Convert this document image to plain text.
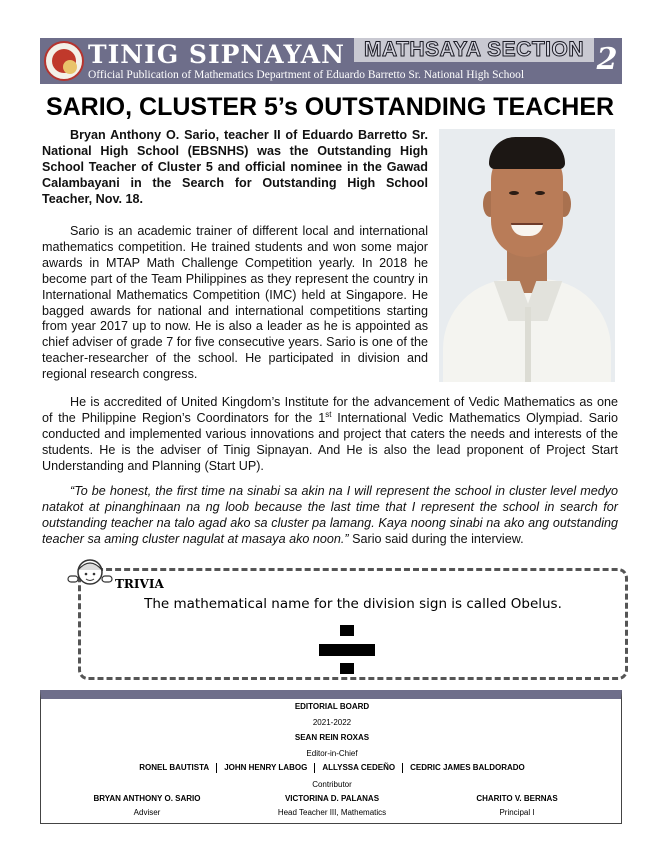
TINIG SIPNAYAN
Official Publication of Mathematics Department of Eduardo Barretto Sr. National High School
MATHSAYA SECTION 2
SARIO, CLUSTER 5’s OUTSTANDING TEACHER

Bryan Anthony O. Sario, teacher II of Eduardo Barretto Sr. National High School (EBSNHS) was the Outstanding High School Teacher of Cluster 5 and official nominee in the Gawad Calambayani in the Search for Outstanding High School Teacher, Nov. 18.

Sario is an academic trainer of different local and international mathematics competition. He trained students and won some major awards in MTAP Math Challenge Competition yearly. In 2018 he become part of the Team Philippines as they represent the country in International Mathematics Competition (IMC) held at Singapore. He bagged awards for national and international competitions starting from year 2017 up to now. He is also a leader as he is appointed as chief adviser of grade 7 for five consecutive years. Sario is one of the teacher-researcher of the school. He participated in division and regional research congress.

He is accredited of United Kingdom’s Institute for the advancement of Vedic Mathematics as one of the Philippine Region’s Coordinators for the 1st International Vedic Mathematics Olympiad. Sario conducted and implemented various innovations and project that caters the needs and interests of the students. He is the adviser of Tinig Sipnayan. And He is also the lead proponent of Project Start Understanding and Planning (Start UP).

“To be honest, the first time na sinabi sa akin na I will represent the school in cluster level medyo natakot at pinanghinaan na ng loob because the last time that I represent the school in search for outstanding teacher na talo agad ako sa cluster pa lamang. Kaya noong sinabi na ako ang outstanding teacher sa aming cluster nagulat at masaya ako noon.” Sario said during the interview.

TRIVIA
The mathematical name for the division sign is called Obelus.
EDITORIAL BOARD
2021-2022
SEAN REIN ROXAS
Editor-in-Chief
RONEL BAUTISTA JOHN HENRY LABOG ALLYSSA CEDEÑO CEDRIC JAMES BALDORADO
Contributor
BRYAN ANTHONY O. SARIO
Adviser
VICTORINA D. PALANAS
Head Teacher III, Mathematics
CHARITO V. BERNAS
Principal I
